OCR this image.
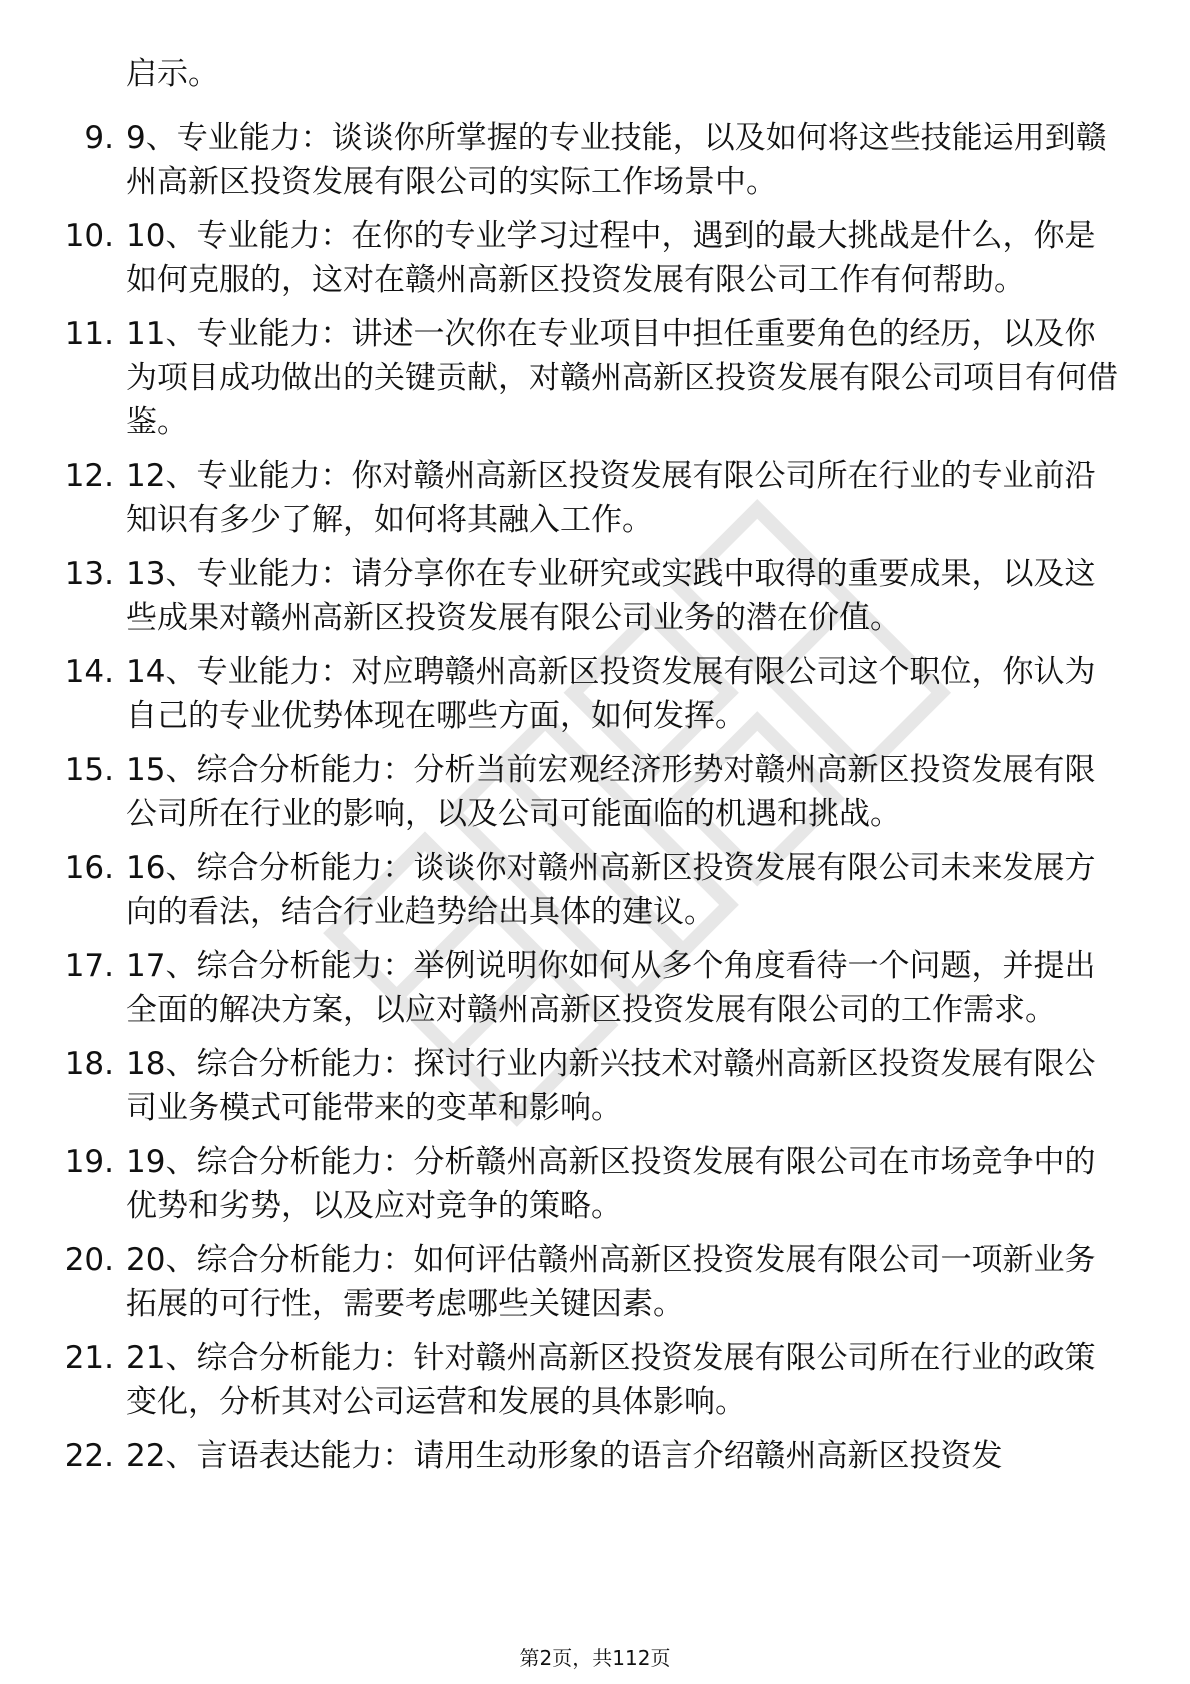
启示。
9. 9、专业能力：谈谈你所掌握的专业技能，以及如何将这些技能运用到赣州高新区投资发展有限公司的实际工作场景中。
10. 10、专业能力：在你的专业学习过程中，遇到的最大挑战是什么，你是如何克服的，这对在赣州高新区投资发展有限公司工作有何帮助。
11. 11、专业能力：讲述一次你在专业项目中担任重要角色的经历，以及你为项目成功做出的关键贡献，对赣州高新区投资发展有限公司项目有何借鉴。
12. 12、专业能力：你对赣州高新区投资发展有限公司所在行业的专业前沿知识有多少了解，如何将其融入工作。
13. 13、专业能力：请分享你在专业研究或实践中取得的重要成果，以及这些成果对赣州高新区投资发展有限公司业务的潜在价值。
14. 14、专业能力：对应聘赣州高新区投资发展有限公司这个职位，你认为自己的专业优势体现在哪些方面，如何发挥。
15. 15、综合分析能力：分析当前宏观经济形势对赣州高新区投资发展有限公司所在行业的影响，以及公司可能面临的机遇和挑战。
16. 16、综合分析能力：谈谈你对赣州高新区投资发展有限公司未来发展方向的看法，结合行业趋势给出具体的建议。
17. 17、综合分析能力：举例说明你如何从多个角度看待一个问题，并提出全面的解决方案，以应对赣州高新区投资发展有限公司的工作需求。
18. 18、综合分析能力：探讨行业内新兴技术对赣州高新区投资发展有限公司业务模式可能带来的变革和影响。
19. 19、综合分析能力：分析赣州高新区投资发展有限公司在市场竞争中的优势和劣势，以及应对竞争的策略。
20. 20、综合分析能力：如何评估赣州高新区投资发展有限公司一项新业务拓展的可行性，需要考虑哪些关键因素。
21. 21、综合分析能力：针对赣州高新区投资发展有限公司所在行业的政策变化，分析其对公司运营和发展的具体影响。
22. 22、言语表达能力：请用生动形象的语言介绍赣州高新区投资发
第2页，共112页
